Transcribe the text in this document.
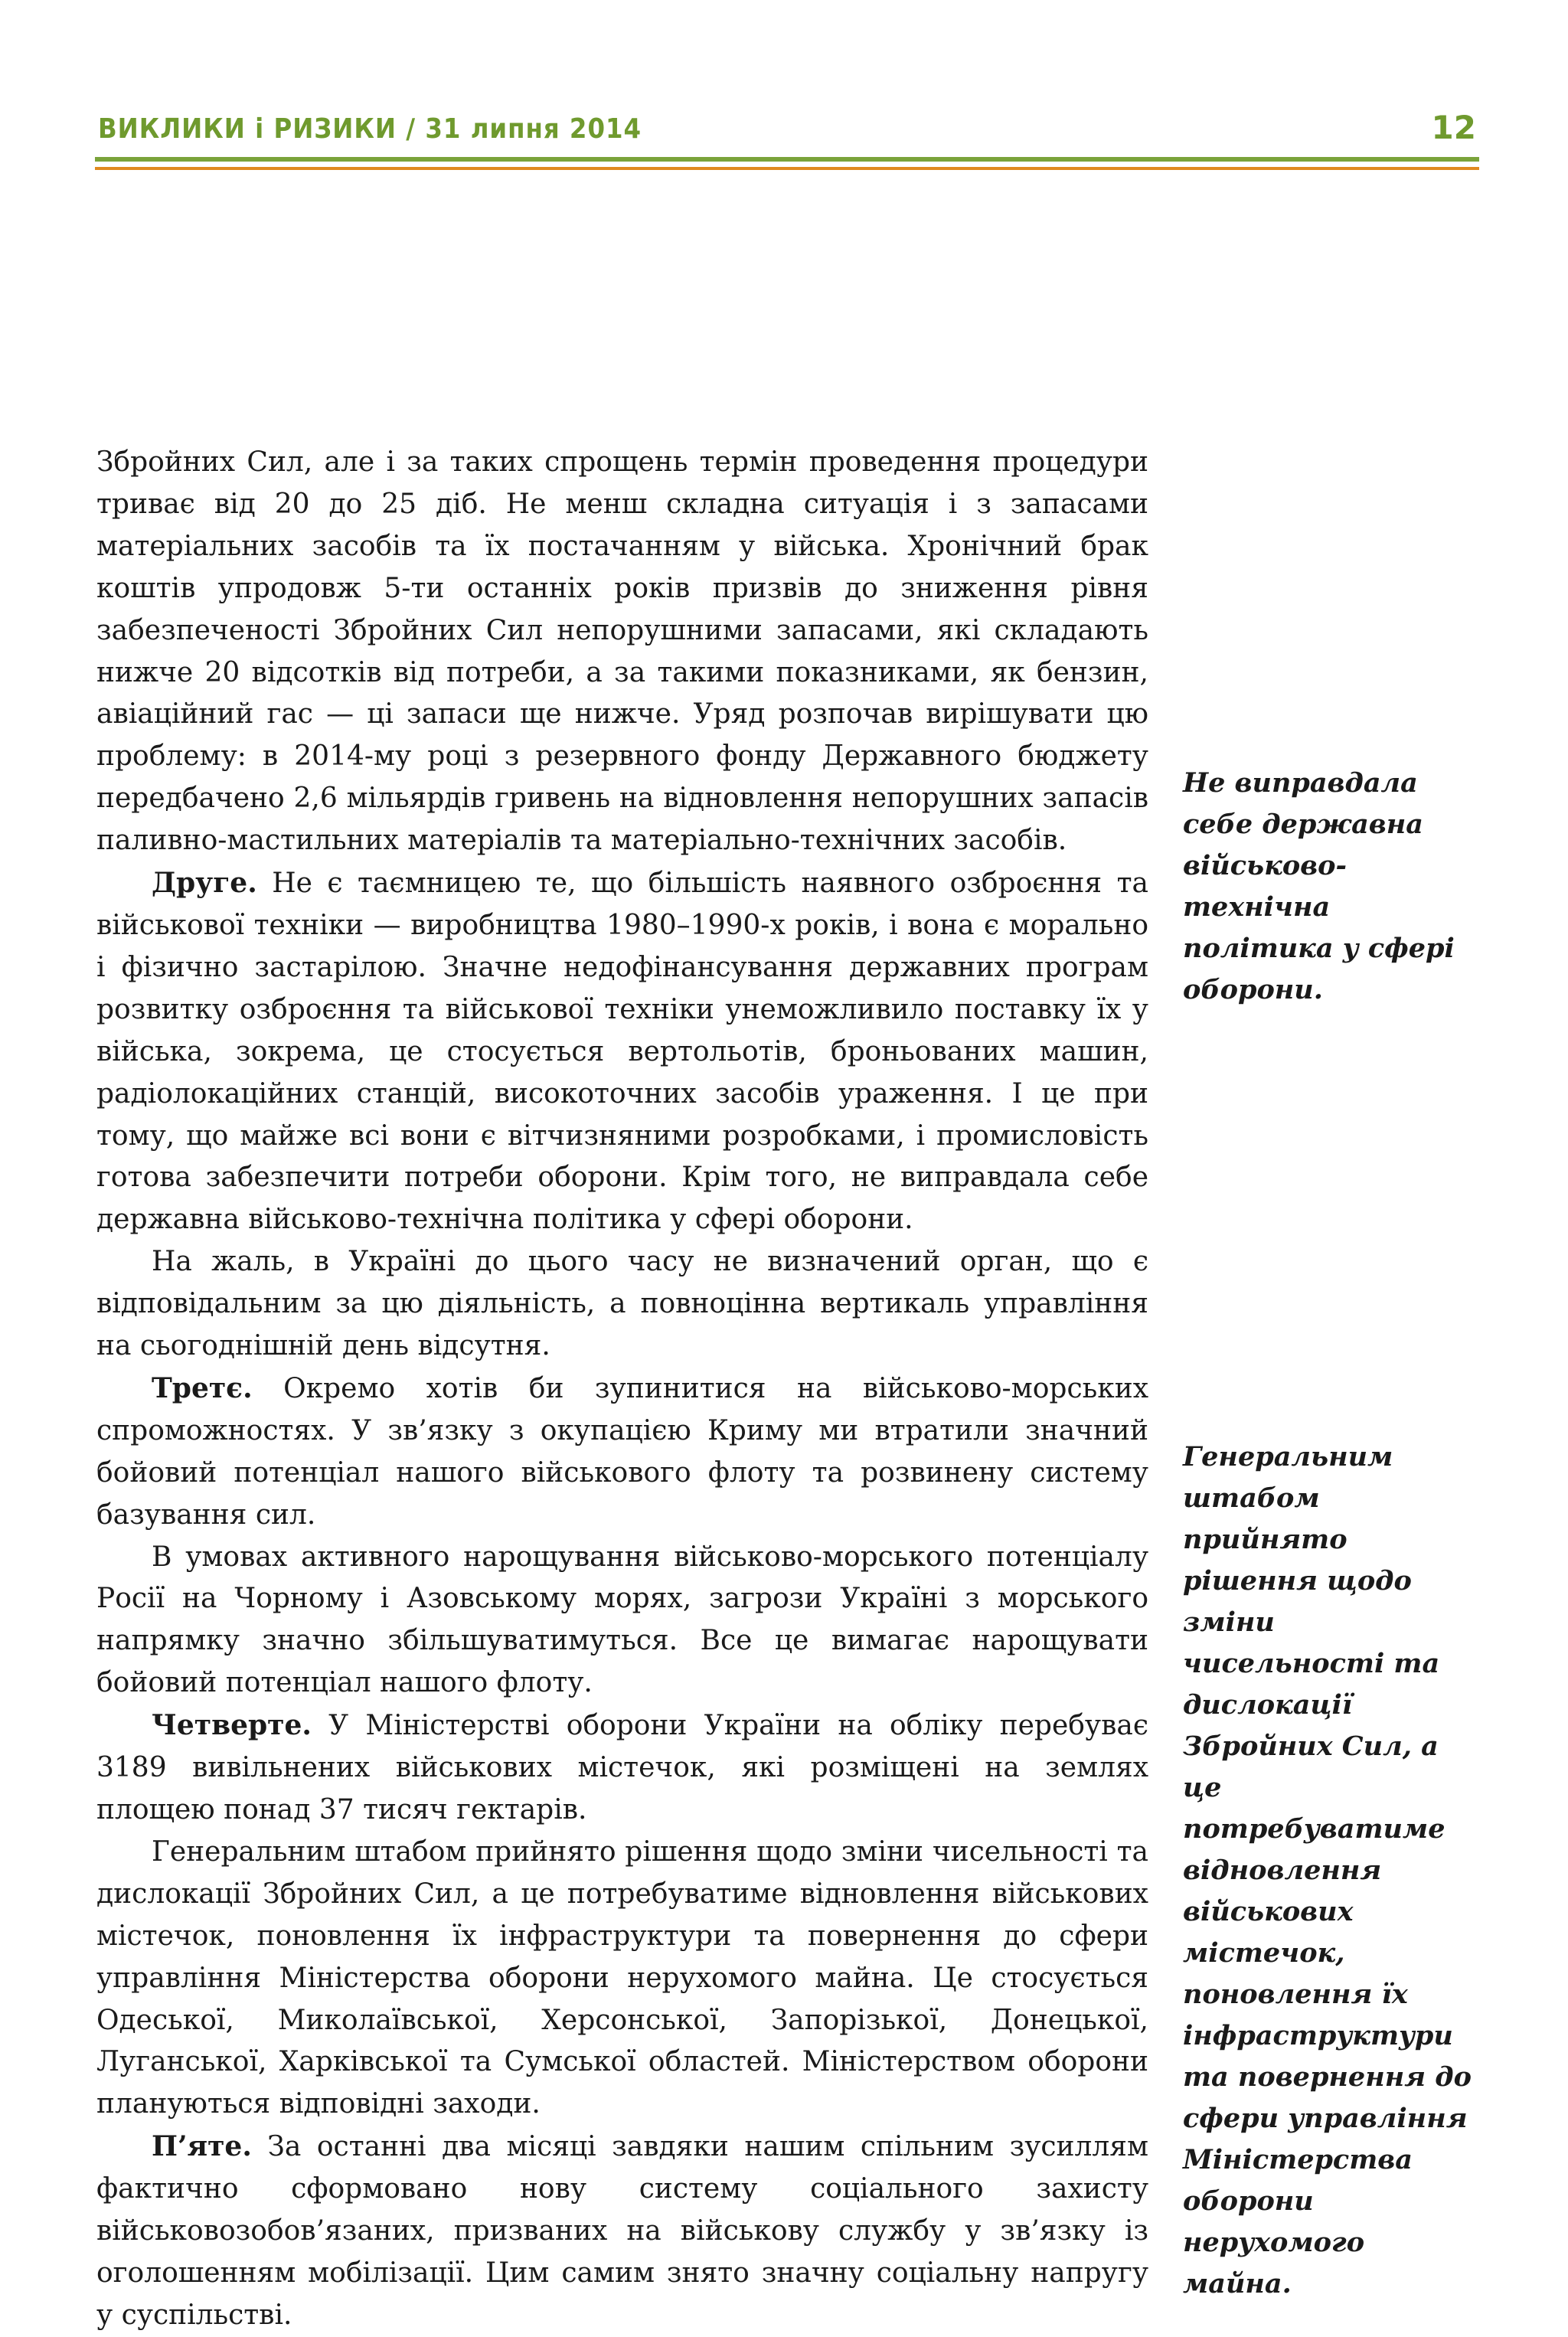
ВИКЛИКИ і РИЗИКИ / 31 липня 2014	12

Збройних Сил, але і за таких спрощень термін проведення процедури триває від 20 до 25 діб. Не менш складна ситуація і з запасами матеріальних засобів та їх постачанням у війська. Хронічний брак коштів упродовж 5-ти останніх років призвів до зниження рівня забезпеченості Збройних Сил непорушними запасами, які складають нижче 20 відсотків від потреби, а за такими показниками, як бензин, авіаційний гас — ці запаси ще нижче. Уряд розпочав вирішувати цю проблему: в 2014-му році з резервного фонду Державного бюджету передбачено 2,6 мільярдів гривень на відновлення непорушних запасів паливно-мастильних матеріалів та матеріально-технічних засобів.

Друге. Не є таємницею те, що більшість наявного озброєння та військової техніки — виробництва 1980–1990-х років, і вона є морально і фізично застарілою. Значне недофінансування державних програм розвитку озброєння та військової техніки унеможливило поставку їх у війська, зокрема, це стосується вертольотів, броньованих машин, радіолокаційних станцій, високоточних засобів ураження. І це при тому, що майже всі вони є вітчизняними розробками, і промисловість готова забезпечити потреби оборони. Крім того, не виправдала себе державна військово-технічна політика у сфері оборони.

На жаль, в Україні до цього часу не визначений орган, що є відповідальним за цю діяльність, а повноцінна вертикаль управління на сьогоднішній день відсутня.

Третє. Окремо хотів би зупинитися на військово-морських спроможностях. У зв’язку з окупацією Криму ми втратили значний бойовий потенціал нашого військового флоту та розвинену систему базування сил.

В умовах активного нарощування військово-морського потенціалу Росії на Чорному і Азовському морях, загрози Україні з морського напрямку значно збільшуватимуться. Все це вимагає нарощувати бойовий потенціал нашого флоту.

Четверте. У Міністерстві оборони України на обліку перебуває 3189 вивільнених військових містечок, які розміщені на землях площею понад 37 тисяч гектарів.

Генеральним штабом прийнято рішення щодо зміни чисельності та дислокації Збройних Сил, а це потребуватиме відновлення військових містечок, поновлення їх інфраструктури та повернення до сфери управління Міністерства оборони нерухомого майна. Це стосується Одеської, Миколаївської, Херсонської, Запорізької, Донецької, Луганської, Харківської та Сумської областей. Міністерством оборони плануються відповідні заходи.

П’яте. За останні два місяці завдяки нашим спільним зусиллям фактично сформовано нову систему соціального захисту військовозобов’язаних, призваних на військову службу у зв’язку із оголошенням мобілізації. Цим самим знято значну соціальну напругу у суспільстві.

Не виправдала себе державна військово-технічна політика у сфері оборони.
Генеральним штабом прийнято рішення щодо зміни чисельності та дислокації Збройних Сил, а це потребуватиме відновлення військових містечок, поновлення їх інфраструктури та повернення до сфери управління Міністерства оборони нерухомого майна.
